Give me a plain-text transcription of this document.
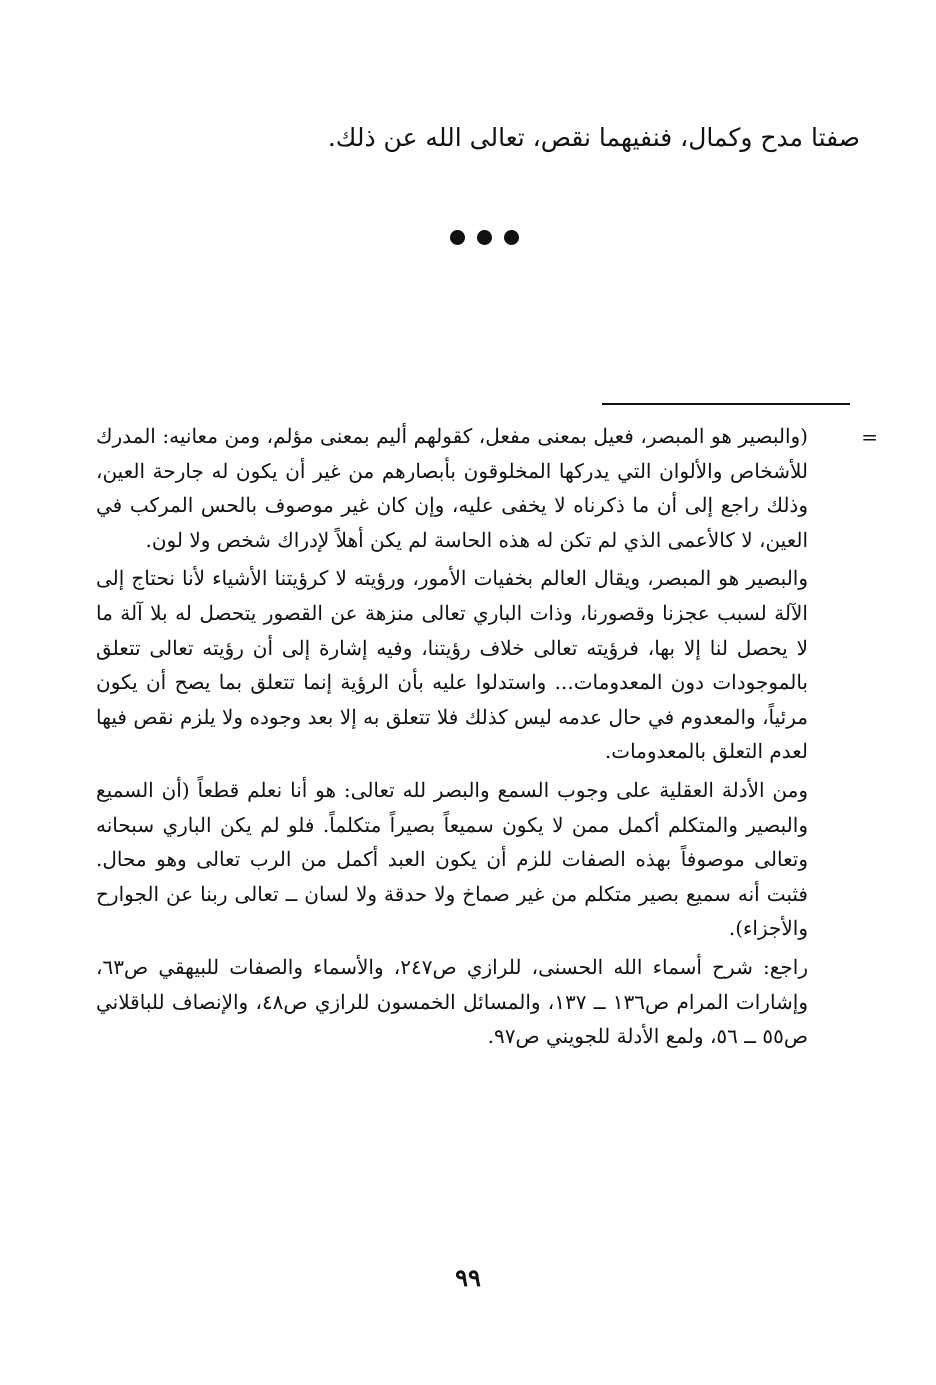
صفتا مدح وكمال، فنفيهما نقص، تعالى الله عن ذلك.
=

(والبصير هو المبصر، فعيل بمعنى مفعل، كقولهم أليم بمعنى مؤلم، ومن معانيه: المدرك للأشخاص والألوان التي يدركها المخلوقون بأبصارهم من غير أن يكون له جارحة العين، وذلك راجع إلى أن ما ذكرناه لا يخفى عليه، وإن كان غير موصوف بالحس المركب في العين، لا كالأعمى الذي لم تكن له هذه الحاسة لم يكن أهلاً لإدراك شخص ولا لون.

والبصير هو المبصر، ويقال العالم بخفيات الأمور، ورؤيته لا كرؤيتنا الأشياء لأنا نحتاج إلى الآلة لسبب عجزنا وقصورنا، وذات الباري تعالى منزهة عن القصور يتحصل له بلا آلة ما لا يحصل لنا إلا بها، فرؤيته تعالى خلاف رؤيتنا، وفيه إشارة إلى أن رؤيته تعالى تتعلق بالموجودات دون المعدومات... واستدلوا عليه بأن الرؤية إنما تتعلق بما يصح أن يكون مرئياً، والمعدوم في حال عدمه ليس كذلك فلا تتعلق به إلا بعد وجوده ولا يلزم نقص فيها لعدم التعلق بالمعدومات.

ومن الأدلة العقلية على وجوب السمع والبصر لله تعالى: هو أنا نعلم قطعاً (أن السميع والبصير والمتكلم أكمل ممن لا يكون سميعاً بصيراً متكلماً. فلو لم يكن الباري سبحانه وتعالى موصوفاً بهذه الصفات للزم أن يكون العبد أكمل من الرب تعالى وهو محال. فثبت أنه سميع بصير متكلم من غير صماخ ولا حدقة ولا لسان ــ تعالى ربنا عن الجوارح والأجزاء).

راجع: شرح أسماء الله الحسنى، للرازي ص٢٤٧، والأسماء والصفات للبيهقي ص٦٣، وإشارات المرام ص١٣٦ ــ ١٣٧، والمسائل الخمسون للرازي ص٤٨، والإنصاف للباقلاني ص٥٥ ــ ٥٦، ولمع الأدلة للجويني ص٩٧.

٩٩
